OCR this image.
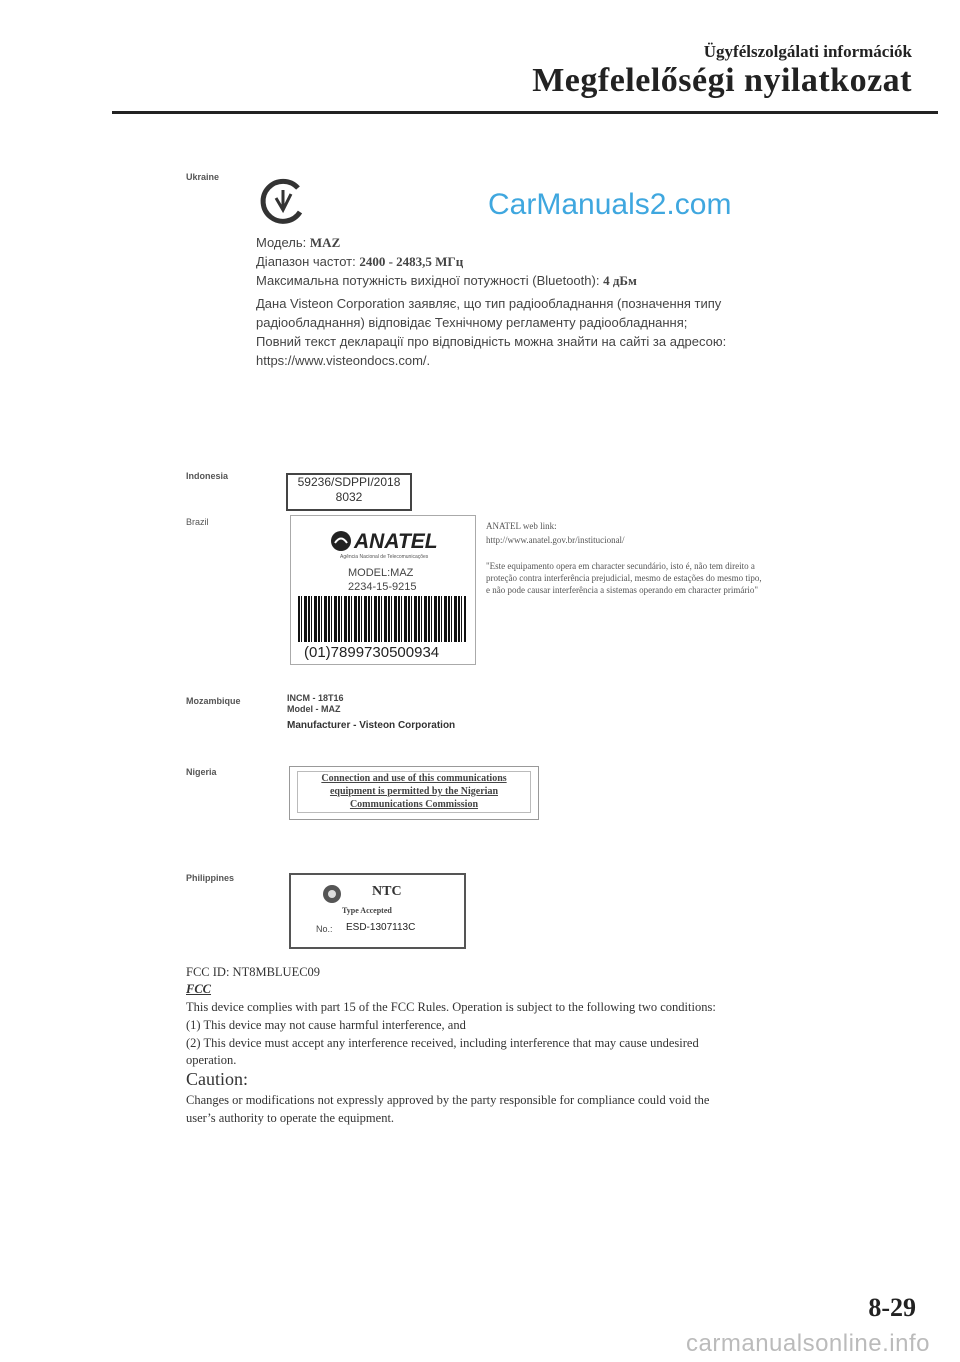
Ügyfélszolgálati információk
Megfelelőségi nyilatkozat
Ukraine
CarManuals2.com
Модель: MAZ
Діапазон частот: 2400 - 2483,5 МГц
Максимальна потужність вихідної потужності (Bluetooth): 4 дБм
Дана Visteon Corporation заявляє, що тип радіообладнання (позначення типу
радіообладнання) відповідає Технічному регламенту радіообладнання;
Повний текст декларації про відповідність можна знайти на сайті за адресою:
https://www.visteondocs.com/.
Indonesia	59236/SDPPI/2018
8032
Brazil
ANATEL
Agência Nacional de Telecomunicações
MODEL:MAZ
2234-15-9215
(01)7899730500934
ANATEL web link:
http://www.anatel.gov.br/institucional/
"Este equipamento opera em character secundário, isto é, não tem direito a
proteção contra interferência prejudicial, mesmo de estações do mesmo tipo,
e não pode causar interferência a sistemas operando em character primário"
Mozambique	INCM - 18T16
Model - MAZ
Manufacturer - Visteon Corporation
Nigeria
Connection and use of this communications
equipment is permitted by the Nigerian
Communications Commission
Philippines
NTC
Type Accepted
No.: ESD-1307113C
FCC ID: NT8MBLUEC09
FCC
This device complies with part 15 of the FCC Rules. Operation is subject to the following two conditions:
(1) This device may not cause harmful interference, and
(2) This device must accept any interference received, including interference that may cause undesired
operation.
Caution:
Changes or modifications not expressly approved by the party responsible for compliance could void the
user’s authority to operate the equipment.
8-29
carmanualsonline.info
